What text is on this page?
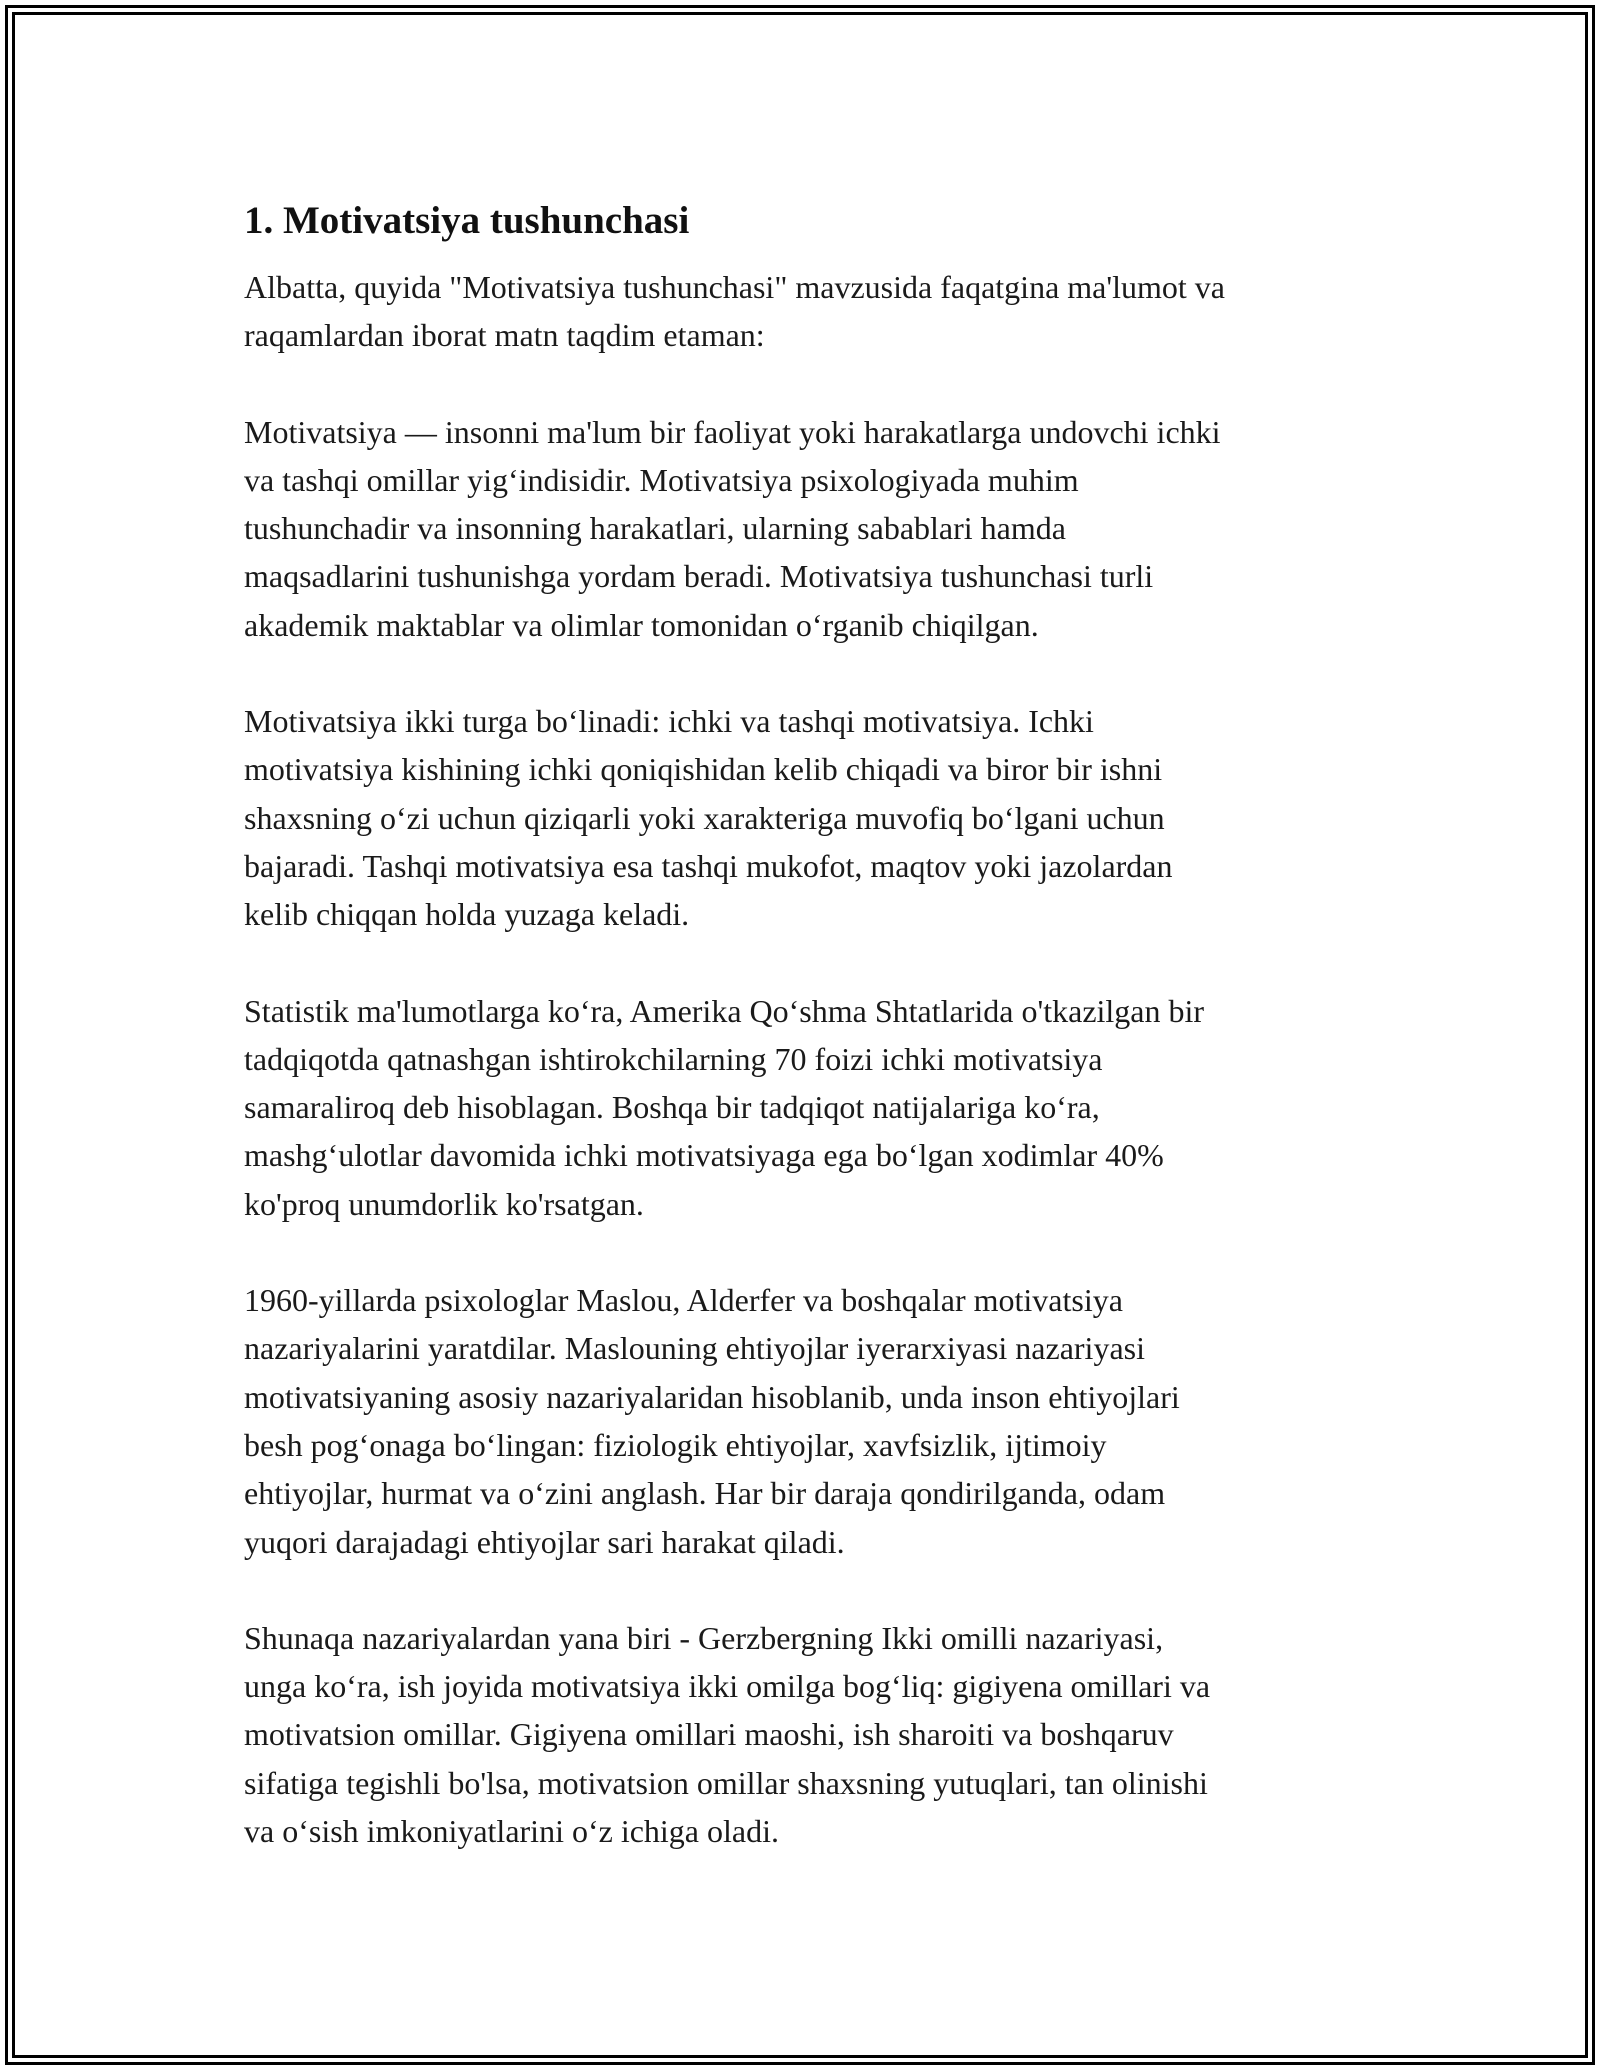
1. Motivatsiya tushunchasi

Albatta, quyida "Motivatsiya tushunchasi" mavzusida faqatgina ma'lumot va
raqamlardan iborat matn taqdim etaman:

Motivatsiya — insonni ma'lum bir faoliyat yoki harakatlarga undovchi ichki
va tashqi omillar yig‘indisidir. Motivatsiya psixologiyada muhim
tushunchadir va insonning harakatlari, ularning sabablari hamda
maqsadlarini tushunishga yordam beradi. Motivatsiya tushunchasi turli
akademik maktablar va olimlar tomonidan o‘rganib chiqilgan.

Motivatsiya ikki turga bo‘linadi: ichki va tashqi motivatsiya. Ichki
motivatsiya kishining ichki qoniqishidan kelib chiqadi va biror bir ishni
shaxsning o‘zi uchun qiziqarli yoki xarakteriga muvofiq bo‘lgani uchun
bajaradi. Tashqi motivatsiya esa tashqi mukofot, maqtov yoki jazolardan
kelib chiqqan holda yuzaga keladi.

Statistik ma'lumotlarga ko‘ra, Amerika Qo‘shma Shtatlarida o'tkazilgan bir
tadqiqotda qatnashgan ishtirokchilarning 70 foizi ichki motivatsiya
samaraliroq deb hisoblagan. Boshqa bir tadqiqot natijalariga ko‘ra,
mashg‘ulotlar davomida ichki motivatsiyaga ega bo‘lgan xodimlar 40%
ko'proq unumdorlik ko'rsatgan.

1960-yillarda psixologlar Maslou, Alderfer va boshqalar motivatsiya
nazariyalarini yaratdilar. Maslouning ehtiyojlar iyerarxiyasi nazariyasi
motivatsiyaning asosiy nazariyalaridan hisoblanib, unda inson ehtiyojlari
besh pog‘onaga bo‘lingan: fiziologik ehtiyojlar, xavfsizlik, ijtimoiy
ehtiyojlar, hurmat va o‘zini anglash. Har bir daraja qondirilganda, odam
yuqori darajadagi ehtiyojlar sari harakat qiladi.

Shunaqa nazariyalardan yana biri - Gerzbergning Ikki omilli nazariyasi,
unga ko‘ra, ish joyida motivatsiya ikki omilga bog‘liq: gigiyena omillari va
motivatsion omillar. Gigiyena omillari maoshi, ish sharoiti va boshqaruv
sifatiga tegishli bo'lsa, motivatsion omillar shaxsning yutuqlari, tan olinishi
va o‘sish imkoniyatlarini o‘z ichiga oladi.
